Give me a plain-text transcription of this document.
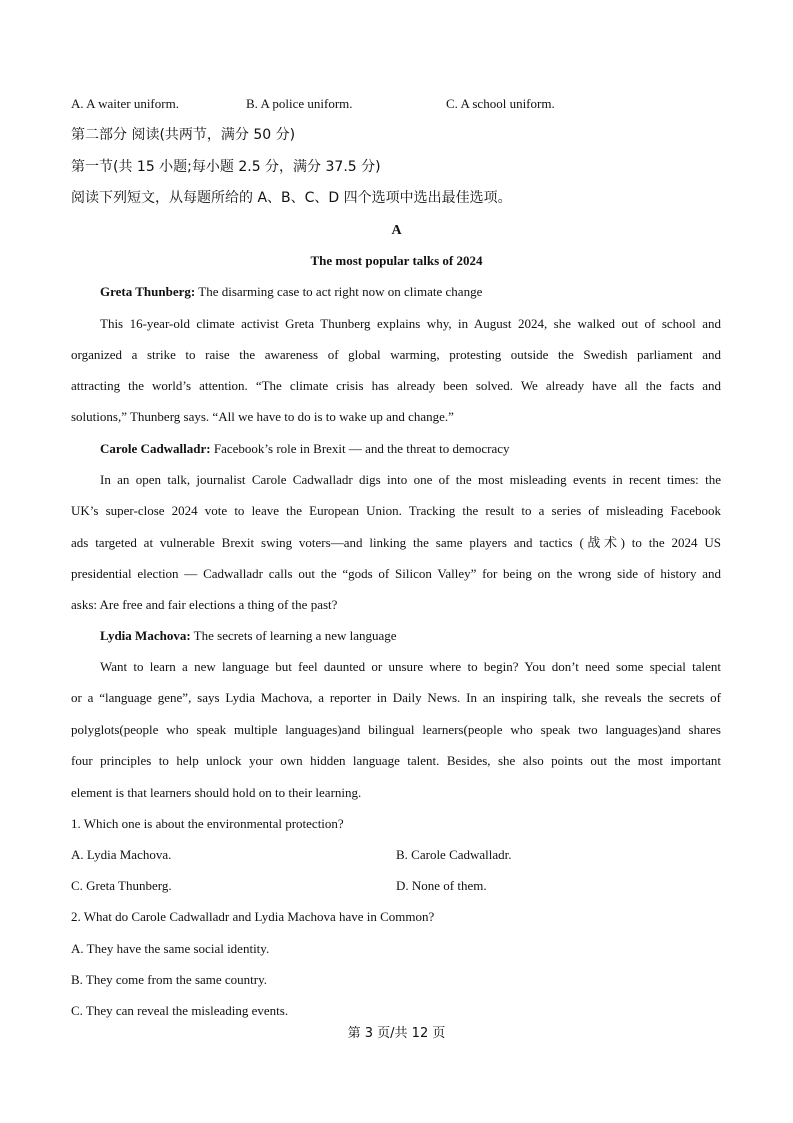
A. A waiter uniform.	B. A police uniform.	C. A school uniform.
第二部分 阅读(共两节，满分 50 分)
第一节(共 15 小题;每小题 2.5 分，满分 37.5 分)
阅读下列短文，从每题所给的 A、B、C、D 四个选项中选出最佳选项。
A
The most popular talks of 2024
Greta Thunberg: The disarming case to act right now on climate change
This 16-year-old climate activist Greta Thunberg explains why, in August 2024, she walked out of school and
organized a strike to raise the awareness of global warming, protesting outside the Swedish parliament and
attracting the world’s attention. “The climate crisis has already been solved. We already have all the facts and
solutions,” Thunberg says. “All we have to do is to wake up and change.”
Carole Cadwalladr: Facebook’s role in Brexit — and the threat to democracy
In an open talk, journalist Carole Cadwalladr digs into one of the most misleading events in recent times: the
UK’s super-close 2024 vote to leave the European Union. Tracking the result to a series of misleading Facebook
ads targeted at vulnerable Brexit swing voters—and linking the same players and tactics (战术) to the 2024 US
presidential election — Cadwalladr calls out the “gods of Silicon Valley” for being on the wrong side of history and
asks: Are free and fair elections a thing of the past?
Lydia Machova: The secrets of learning a new language
Want to learn a new language but feel daunted or unsure where to begin? You don’t need some special talent
or a “language gene”, says Lydia Machova, a reporter in Daily News. In an inspiring talk, she reveals the secrets of
polyglots(people who speak multiple languages)and bilingual learners(people who speak two languages)and shares
four principles to help unlock your own hidden language talent. Besides, she also points out the most important
element is that learners should hold on to their learning.
1. Which one is about the environmental protection?
A. Lydia Machova.	B. Carole Cadwalladr.
C. Greta Thunberg.	D. None of them.
2. What do Carole Cadwalladr and Lydia Machova have in Common?
A. They have the same social identity.
B. They come from the same country.
C. They can reveal the misleading events.
第 3 页/共 12 页
